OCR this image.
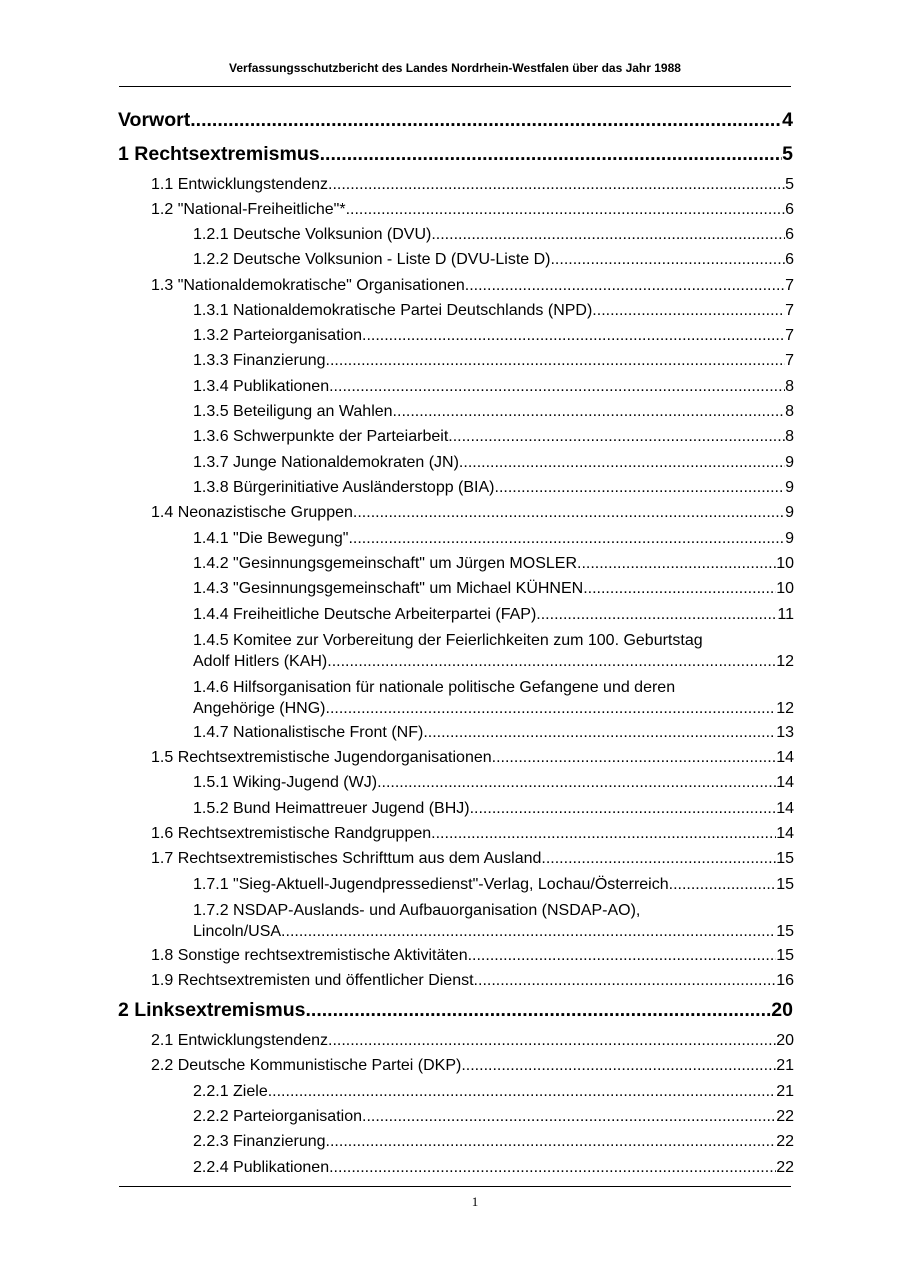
Verfassungsschutzbericht des Landes Nordrhein-Westfalen über das Jahr 1988
Vorwort .....	4
1 Rechtsextremismus .....	5
1.1 Entwicklungstendenz .....	5
1.2 "National-Freiheitliche"* .....	6
1.2.1 Deutsche Volksunion (DVU) .....	6
1.2.2 Deutsche Volksunion - Liste D (DVU-Liste D) .....	6
1.3 "Nationaldemokratische" Organisationen .....	7
1.3.1 Nationaldemokratische Partei Deutschlands (NPD) .....	7
1.3.2 Parteiorganisation .....	7
1.3.3 Finanzierung .....	7
1.3.4 Publikationen .....	8
1.3.5 Beteiligung an Wahlen .....	8
1.3.6 Schwerpunkte der Parteiarbeit .....	8
1.3.7 Junge Nationaldemokraten (JN) .....	9
1.3.8 Bürgerinitiative Ausländerstopp (BIA) .....	9
1.4 Neonazistische Gruppen .....	9
1.4.1 "Die Bewegung" .....	9
1.4.2 "Gesinnungsgemeinschaft" um Jürgen MOSLER .....	10
1.4.3 "Gesinnungsgemeinschaft" um Michael KÜHNEN .....	10
1.4.4 Freiheitliche Deutsche Arbeiterpartei (FAP) .....	11
1.4.5 Komitee zur Vorbereitung der Feierlichkeiten zum 100. Geburtstag
Adolf Hitlers (KAH) .....	12
1.4.6 Hilfsorganisation für nationale politische Gefangene und deren
Angehörige (HNG) .....	12
1.4.7 Nationalistische Front (NF) .....	13
1.5 Rechtsextremistische Jugendorganisationen .....	14
1.5.1 Wiking-Jugend (WJ) .....	14
1.5.2 Bund Heimattreuer Jugend (BHJ) .....	14
1.6 Rechtsextremistische Randgruppen .....	14
1.7 Rechtsextremistisches Schrifttum aus dem Ausland .....	15
1.7.1 "Sieg-Aktuell-Jugendpressedienst"-Verlag, Lochau/Österreich .....	15
1.7.2 NSDAP-Auslands- und Aufbauorganisation (NSDAP-AO),
Lincoln/USA .....	15
1.8 Sonstige rechtsextremistische Aktivitäten .....	15
1.9 Rechtsextremisten und öffentlicher Dienst .....	16
2 Linksextremismus .....	20
2.1 Entwicklungstendenz .....	20
2.2 Deutsche Kommunistische Partei (DKP) .....	21
2.2.1 Ziele .....	21
2.2.2 Parteiorganisation .....	22
2.2.3 Finanzierung .....	22
2.2.4 Publikationen .....	22
1
